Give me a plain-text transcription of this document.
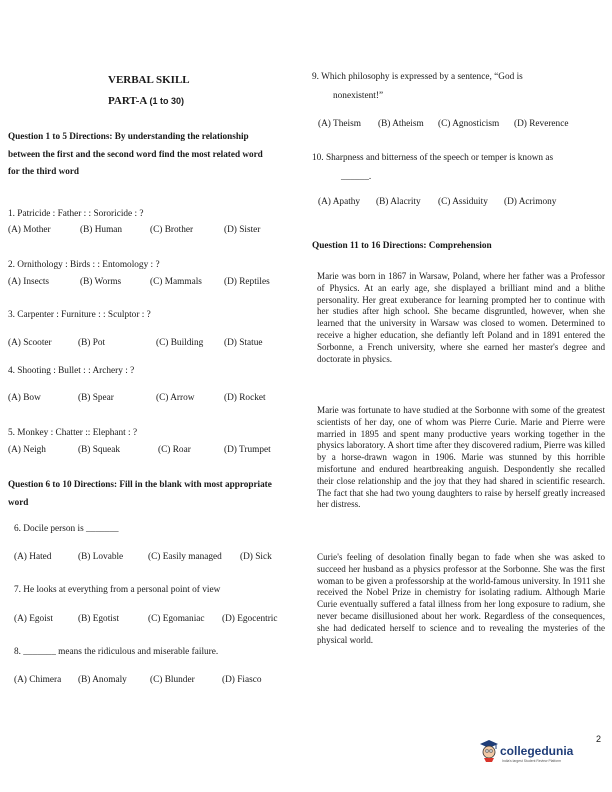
VERBAL SKILL
PART-A (1 to 30)
Question 1 to 5 Directions: By understanding the relationship
between the first and the second word find the most related word
for the third word
1. Patricide : Father : : Sororicide : ?
(A) Mother	(B) Human	(C) Brother	(D) Sister
2. Ornithology : Birds : : Entomology : ?
(A) Insects	(B) Worms	(C) Mammals	(D) Reptiles
3. Carpenter : Furniture : : Sculptor : ?
(A) Scooter	(B) Pot	(C) Building	(D) Statue
4. Shooting : Bullet : : Archery : ?
(A) Bow	(B) Spear	(C) Arrow	(D) Rocket
5. Monkey : Chatter :: Elephant : ?
(A) Neigh	(B) Squeak	(C) Roar	(D) Trumpet
Question 6 to 10 Directions: Fill in the blank with most appropriate
word
6. Docile person is _______
(A) Hated	(B) Lovable	(C) Easily managed	(D) Sick
7. He looks at everything from a personal point of view
(A) Egoist	(B) Egotist	(C) Egomaniac	(D) Egocentric
8. _______ means the ridiculous and miserable failure.
(A) Chimera	(B) Anomaly	(C) Blunder	(D) Fiasco
9. Which philosophy is expressed by a sentence, “God is
nonexistent!”
(A) Theism	(B) Atheism	(C) Agnosticism	(D) Reverence
10. Sharpness and bitterness of the speech or temper is known as
______.
(A) Apathy	(B) Alacrity	(C) Assiduity	(D) Acrimony
Question 11 to 16 Directions: Comprehension
Marie was born in 1867 in Warsaw, Poland, where her father was a Professor of Physics. At an early age, she displayed a brilliant mind and a blithe personality. Her great exuberance for learning prompted her to continue with her studies after high school. She became disgruntled, however, when she learned that the university in Warsaw was closed to women. Determined to receive a higher education, she defiantly left Poland and in 1891 entered the Sorbonne, a French university, where she earned her master's degree and doctorate in physics.
Marie was fortunate to have studied at the Sorbonne with some of the greatest scientists of her day, one of whom was Pierre Curie. Marie and Pierre were married in 1895 and spent many productive years working together in the physics laboratory. A short time after they discovered radium, Pierre was killed by a horse-drawn wagon in 1906. Marie was stunned by this horrible misfortune and endured heartbreaking anguish. Despondently she recalled their close relationship and the joy that they had shared in scientific research. The fact that she had two young daughters to raise by herself greatly increased her distress.
Curie's feeling of desolation finally began to fade when she was asked to succeed her husband as a physics professor at the Sorbonne. She was the first woman to be given a professorship at the world-famous university. In 1911 she received the Nobel Prize in chemistry for isolating radium. Although Marie Curie eventually suffered a fatal illness from her long exposure to radium, she never became disillusioned about her work. Regardless of the consequences, she had dedicated herself to science and to revealing the mysteries of the physical world.
2
collegedunia
India's largest Student Review Platform
